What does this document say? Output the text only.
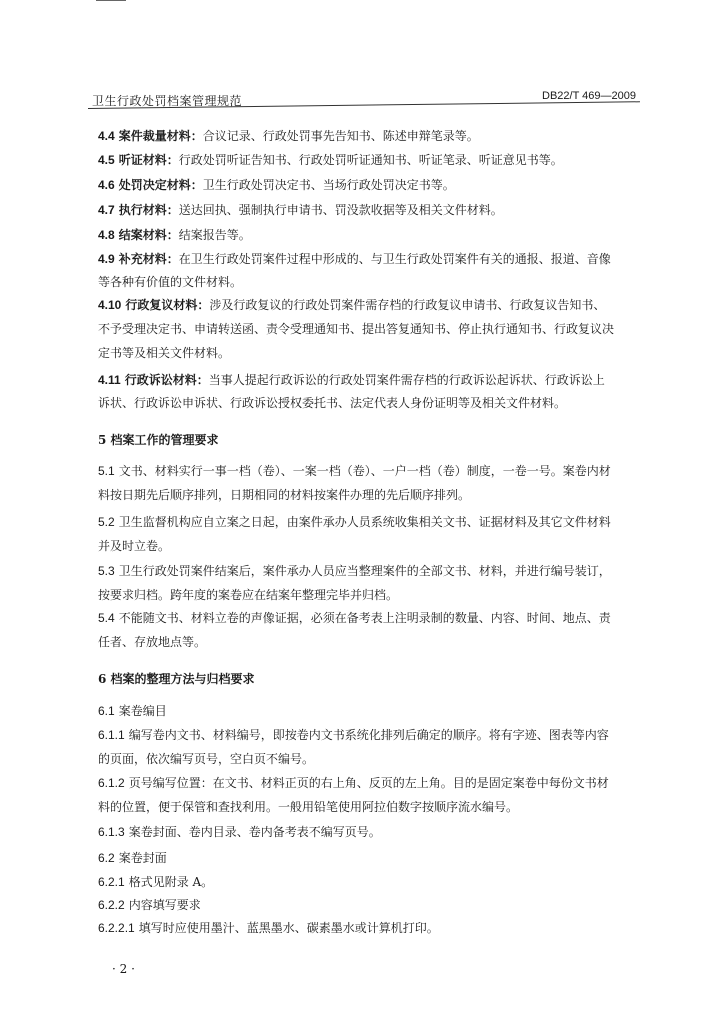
卫生行政处罚档案管理规范	DB22/T 469—2009
4.4 案件裁量材料：合议记录、行政处罚事先告知书、陈述申辩笔录等。
4.5 听证材料：行政处罚听证告知书、行政处罚听证通知书、听证笔录、听证意见书等。
4.6 处罚决定材料：卫生行政处罚决定书、当场行政处罚决定书等。
4.7 执行材料：送达回执、强制执行申请书、罚没款收据等及相关文件材料。
4.8 结案材料：结案报告等。
4.9 补充材料：在卫生行政处罚案件过程中形成的、与卫生行政处罚案件有关的通报、报道、音像
等各种有价值的文件材料。
4.10 行政复议材料：涉及行政复议的行政处罚案件需存档的行政复议申请书、行政复议告知书、
不予受理决定书、申请转送函、责令受理通知书、提出答复通知书、停止执行通知书、行政复议决
定书等及相关文件材料。
4.11 行政诉讼材料：当事人提起行政诉讼的行政处罚案件需存档的行政诉讼起诉状、行政诉讼上
诉状、行政诉讼申诉状、行政诉讼授权委托书、法定代表人身份证明等及相关文件材料。
5 档案工作的管理要求
5.1 文书、材料实行一事一档（卷）、一案一档（卷）、一户一档（卷）制度，一卷一号。案卷内材
料按日期先后顺序排列，日期相同的材料按案件办理的先后顺序排列。
5.2 卫生监督机构应自立案之日起，由案件承办人员系统收集相关文书、证据材料及其它文件材料
并及时立卷。
5.3 卫生行政处罚案件结案后，案件承办人员应当整理案件的全部文书、材料，并进行编号装订，
按要求归档。跨年度的案卷应在结案年整理完毕并归档。
5.4 不能随文书、材料立卷的声像证据，必须在备考表上注明录制的数量、内容、时间、地点、责
任者、存放地点等。
6 档案的整理方法与归档要求
6.1 案卷编目
6.1.1 编写卷内文书、材料编号，即按卷内文书系统化排列后确定的顺序。将有字迹、图表等内容
的页面，依次编写页号，空白页不编号。
6.1.2 页号编写位置：在文书、材料正页的右上角、反页的左上角。目的是固定案卷中每份文书材
料的位置，便于保管和查找利用。一般用铅笔使用阿拉伯数字按顺序流水编号。
6.1.3 案卷封面、卷内目录、卷内备考表不编写页号。
6.2 案卷封面
6.2.1 格式见附录 A。
6.2.2 内容填写要求
6.2.2.1 填写时应使用墨汁、蓝黑墨水、碳素墨水或计算机打印。
· 2 ·
